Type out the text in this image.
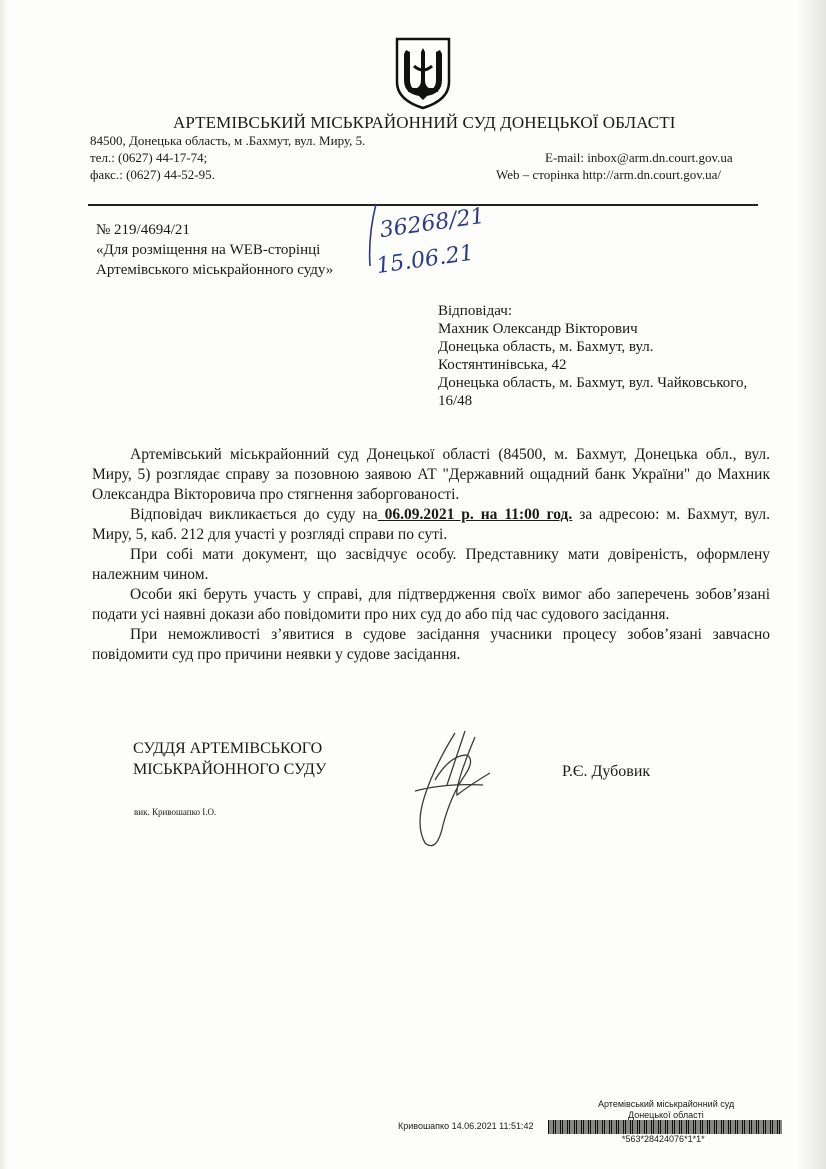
АРТЕМІВСЬКИЙ МІСЬКРАЙОННИЙ СУД ДОНЕЦЬКОЇ ОБЛАСТІ
84500, Донецька область, м .Бахмут, вул. Миру, 5.
тел.: (0627) 44-17-74;
факс.: (0627) 44-52-95.
E-mail: inbox@arm.dn.court.gov.ua
Web – сторінка http://arm.dn.court.gov.ua/
№ 219/4694/21
«Для розміщення на WEB-сторінці
Артемівського міськрайонного суду»
36268/21
15.06.21
Відповідач:
Махник Олександр Вікторович
Донецька область, м. Бахмут, вул.
Костянтинівська, 42
Донецька область, м. Бахмут, вул. Чайковського,
16/48

Артемівський міськрайонний суд Донецької області (84500, м. Бахмут, Донецька обл., вул. Миру, 5) розглядає справу за позовною заявою АТ "Державний ощадний банк України" до Махник Олександра Вікторовича про стягнення заборгованості.

Відповідач викликається до суду на 06.09.2021 р. на 11:00 год. за адресою: м. Бахмут, вул. Миру, 5, каб. 212 для участі у розгляді справи по суті.

При собі мати документ, що засвідчує особу. Представнику мати довіреність, оформлену належним чином.

Особи які беруть участь у справі, для підтвердження своїх вимог або заперечень зобов’язані подати усі наявні докази або повідомити про них суд до або під час судового засідання.

При неможливості з’явитися в судове засідання учасники процесу зобов’язані завчасно повідомити суд про причини неявки у судове засідання.

СУДДЯ АРТЕМІВСЬКОГО
МІСЬКРАЙОННОГО СУДУ	Р.Є. Дубовик
вик. Кривошапко І.О.
Артемівський міськрайонний суд
Донецької області
Кривошапко 14.06.2021 11:51:42
*563*28424076*1*1*
